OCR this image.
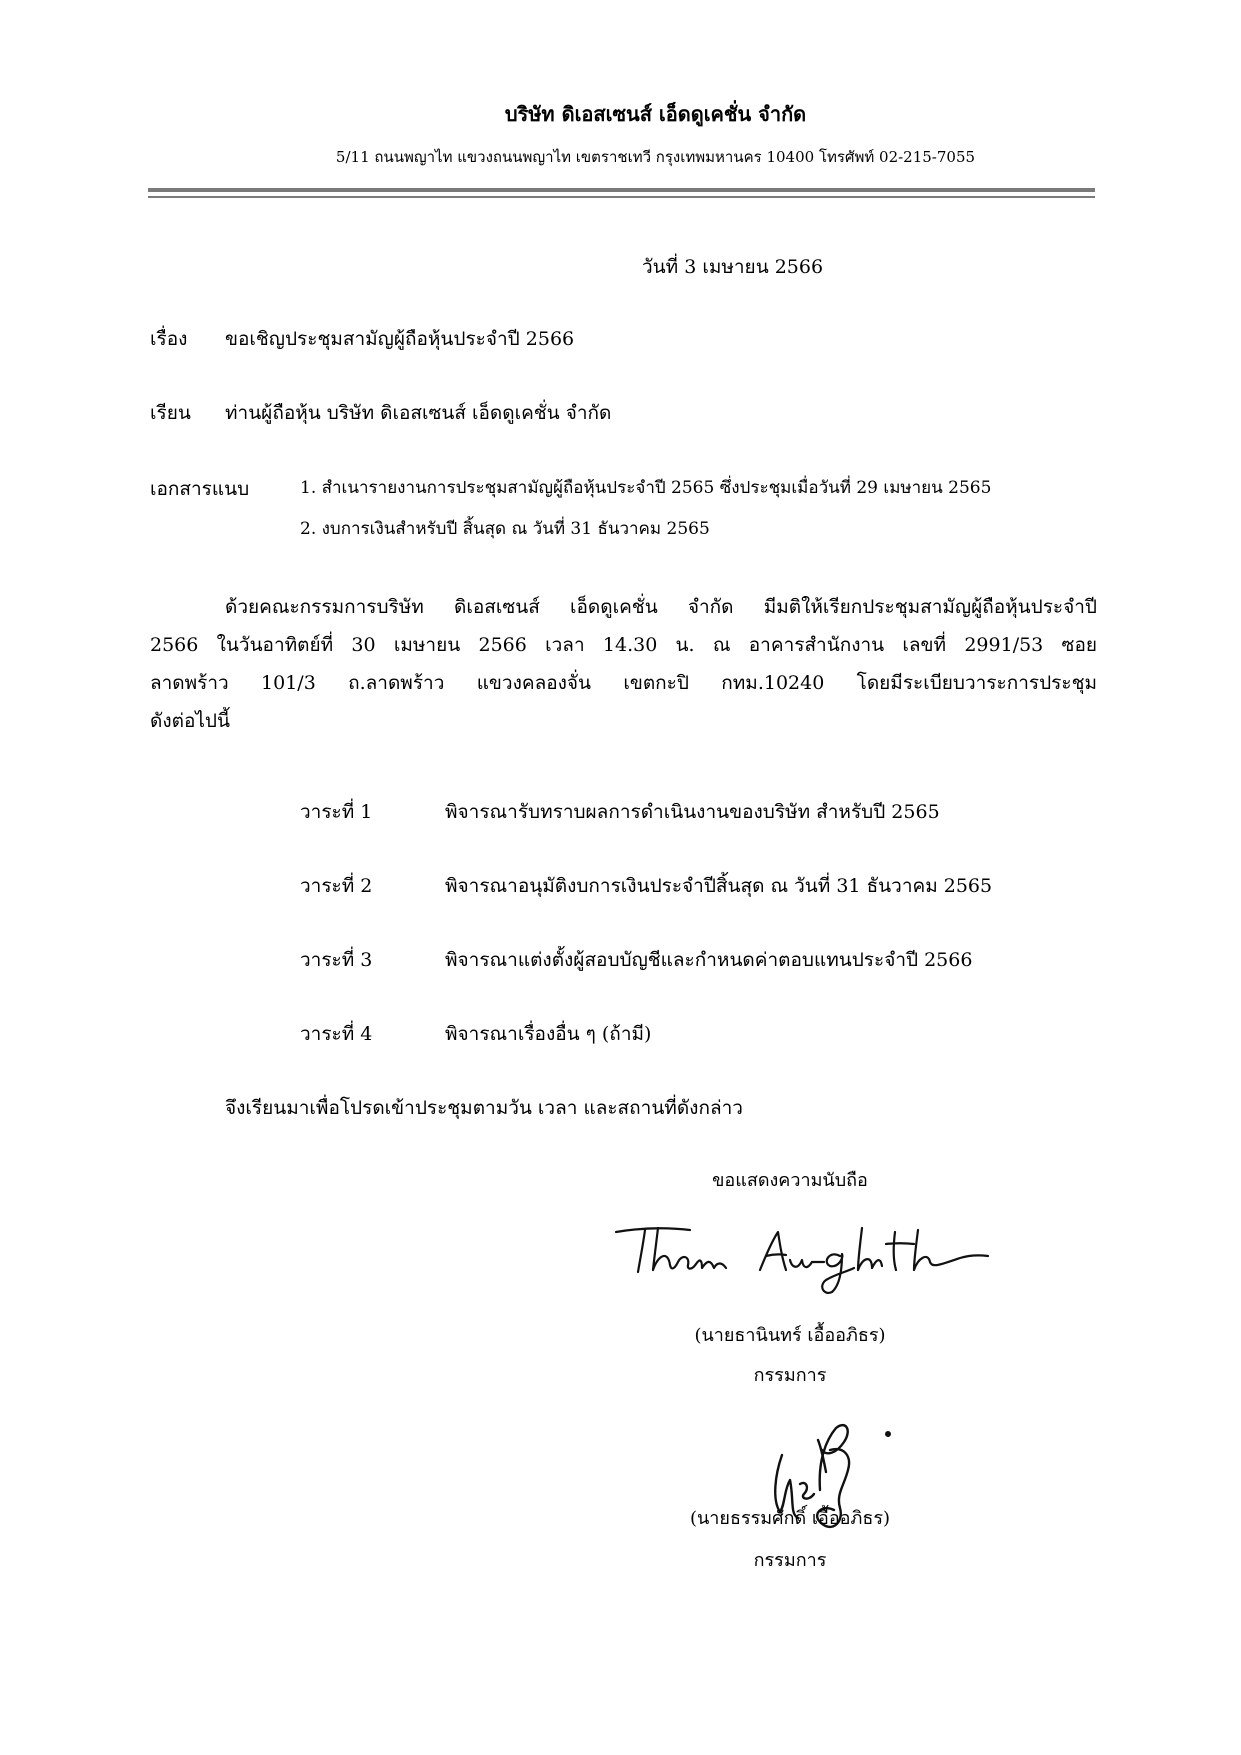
บริษัท ดิเอสเซนส์ เอ็ดดูเคชั่น จำกัด
5/11 ถนนพญาไท แขวงถนนพญาไท เขตราชเทวี กรุงเทพมหานคร 10400 โทรศัพท์ 02-215-7055
วันที่ 3 เมษายน 2566
เรื่อง ขอเชิญประชุมสามัญผู้ถือหุ้นประจำปี 2566
เรียน ท่านผู้ถือหุ้น บริษัท ดิเอสเซนส์ เอ็ดดูเคชั่น จำกัด
เอกสารแนบ	1. สำเนารายงานการประชุมสามัญผู้ถือหุ้นประจำปี 2565 ซึ่งประชุมเมื่อวันที่ 29 เมษายน 2565
2. งบการเงินสำหรับปี สิ้นสุด ณ วันที่ 31 ธันวาคม 2565
ด้วยคณะกรรมการบริษัท ดิเอสเซนส์ เอ็ดดูเคชั่น จำกัด มีมติให้เรียกประชุมสามัญผู้ถือหุ้นประจำปี
2566 ในวันอาทิตย์ที่ 30 เมษายน 2566 เวลา 14.30 น. ณ อาคารสำนักงาน เลขที่ 2991/53 ซอย
ลาดพร้าว 101/3 ถ.ลาดพร้าว แขวงคลองจั่น เขตกะปิ กทม.10240 โดยมีระเบียบวาระการประชุม
ดังต่อไปนี้
วาระที่ 1	พิจารณารับทราบผลการดำเนินงานของบริษัท สำหรับปี 2565
วาระที่ 2	พิจารณาอนุมัติงบการเงินประจำปีสิ้นสุด ณ วันที่ 31 ธันวาคม 2565
วาระที่ 3	พิจารณาแต่งตั้งผู้สอบบัญชีและกำหนดค่าตอบแทนประจำปี 2566
วาระที่ 4	พิจารณาเรื่องอื่น ๆ (ถ้ามี)
จึงเรียนมาเพื่อโปรดเข้าประชุมตามวัน เวลา และสถานที่ดังกล่าว
ขอแสดงความนับถือ
(นายธานินทร์ เอื้ออภิธร)
กรรมการ
(นายธรรมศักดิ์ เอื้ออภิธร)
กรรมการ
